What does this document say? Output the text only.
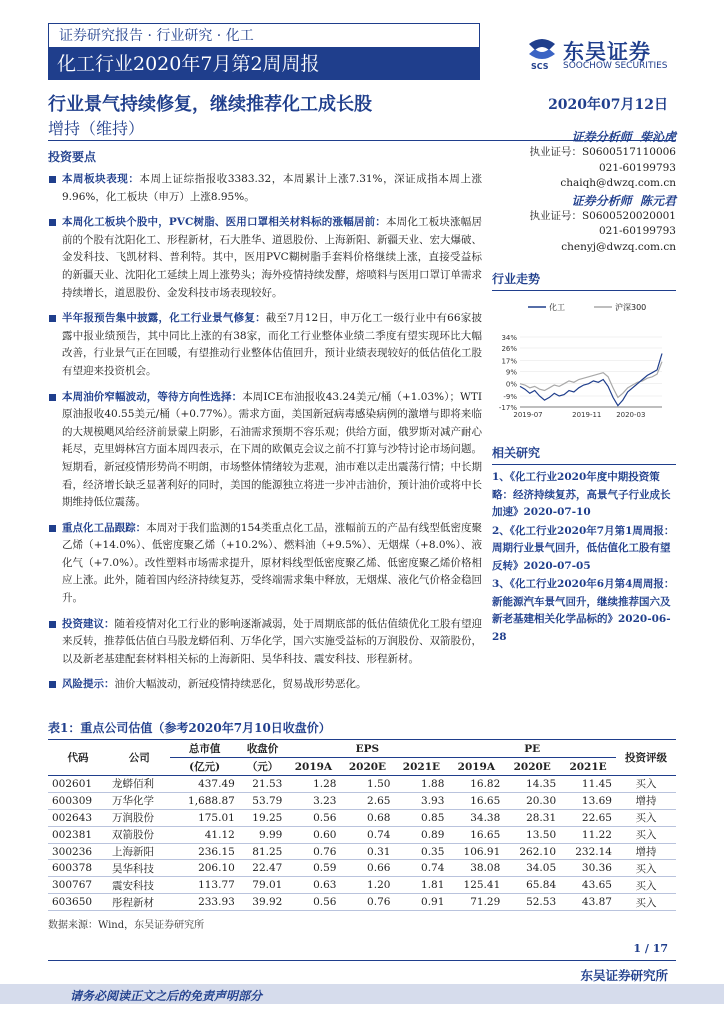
证券研究报告 · 行业研究 · 化工
化工行业2020年7月第2周周报	SCS
东吴证券
SOOCHOW SECURITIES
行业景气持续修复，继续推荐化工成长股
增持（维持）
2020年07月12日
投资要点
本周板块表现：本周上证综指报收3383.32，本周累计上涨7.31%，深证成指本周上涨9.96%，化工板块（申万）上涨8.95%。
本周化工板块个股中，PVC树脂、医用口罩相关材料标的涨幅居前：本周化工板块涨幅居前的个股有沈阳化工、形程新材，石大胜华、道恩股份、上海新阳、新疆天业、宏大爆破、金发科技、飞凯材料、普利特。其中，医用PVC糊树脂手套料价格继续上涨，直接受益标的新疆天业、沈阳化工延续上周上涨势头；海外疫情持续发酵，熔喷料与医用口罩订单需求持续增长，道恩股份、金发科技市场表现较好。
半年报预告集中披露，化工行业景气修复：截至7月12日，申万化工一级行业中有66家披露中报业绩预告，其中同比上涨的有38家，而化工行业整体业绩二季度有望实现环比大幅改善，行业景气正在回暖，有望推动行业整体估值回升，预计业绩表现较好的低估值化工股有望迎来投资机会。
本周油价窄幅波动，等待方向性选择：本周ICE布油报收43.24美元/桶（+1.03%）；WTI原油报收40.55美元/桶（+0.77%）。需求方面，美国新冠病毒感染病例的激增与即将来临的大规模飓风给经济前景蒙上阴影，石油需求预期不容乐观；供给方面，俄罗斯对减产耐心耗尽，克里姆林宫方面本周四表示，在下周的欧佩克会议之前不打算与沙特讨论市场问题。短期看，新冠疫情形势尚不明朗，市场整体情绪较为悲观，油市难以走出震荡行情；中长期看，经济增长缺乏显著利好的同时，美国的能源独立将进一步冲击油价，预计油价或将中长期维持低位震荡。
重点化工品跟踪：本周对于我们监测的154类重点化工品，涨幅前五的产品有线型低密度聚乙烯（+14.0%）、低密度聚乙烯（+10.2%）、燃料油（+9.5%）、无烟煤（+8.0%）、液化气（+7.0%）。改性塑料市场需求提升，原材料线型低密度聚乙烯、低密度聚乙烯价格相应上涨。此外，随着国内经济持续复苏，受终端需求集中释放，无烟煤、液化气价格金稳回升。
投资建议：随着疫情对化工行业的影响逐渐减弱，处于周期底部的低估值绩优化工股有望迎来反转，推荐低估值白马股龙蟒佰利、万华化学，国六实施受益标的万润股份、双箭股份，以及新老基建配套材料相关标的上海新阳、昊华科技、震安科技、形程新材。
风险提示：油价大幅波动，新冠疫情持续恶化，贸易战形势恶化。
证券分析师 柴沁虎
执业证号：S0600517110006
021-60199793
chaiqh@dwzq.com.cn
证券分析师 陈元君
执业证号：S0600520020001
021-60199793
chenyj@dwzq.com.cn
行业走势
化工	沪深300
34%
26%
17%
9%
0%
-9%
-17%
2019-07	2019-11 2020-03
相关研究
1、《化工行业2020年度中期投资策略：经济持续复苏，高景气子行业成长加速》2020-07-10
2、《化工行业2020年7月第1周周报：周期行业景气回升，低估值化工股有望反转》2020-07-05
3、《化工行业2020年6月第4周周报：新能源汽车景气回升，继续推荐国六及新老基建相关化学品标的》2020-06-28
表1：重点公司估值（参考2020年7月10日收盘价）
代码	公司	总市值	收盘价	EPS			PE			投资评级
		(亿元)	（元）	2019A	2020E	2021E	2019A	2020E	2021E	
002601	龙蟒佰利	437.49	21.53	1.28	1.50	1.88	16.82	14.35	11.45	买入
600309	万华化学	1,688.87	53.79	3.23	2.65	3.93	16.65	20.30	13.69	增持
002643	万润股份	175.01	19.25	0.56	0.68	0.85	34.38	28.31	22.65	买入
002381	双箭股份	41.12	9.99	0.60	0.74	0.89	16.65	13.50	11.22	买入
300236	上海新阳	236.15	81.25	0.76	0.31	0.35	106.91	262.10	232.14	增持
600378	昊华科技	206.10	22.47	0.59	0.66	0.74	38.08	34.05	30.36	买入
300767	震安科技	113.77	79.01	0.63	1.20	1.81	125.41	65.84	43.65	买入
603650	彤程新材	233.93	39.92	0.56	0.76	0.91	71.29	52.53	43.87	买入
数据来源：Wind，东吴证券研究所
1 / 17
东吴证券研究所
请务必阅读正文之后的免责声明部分
